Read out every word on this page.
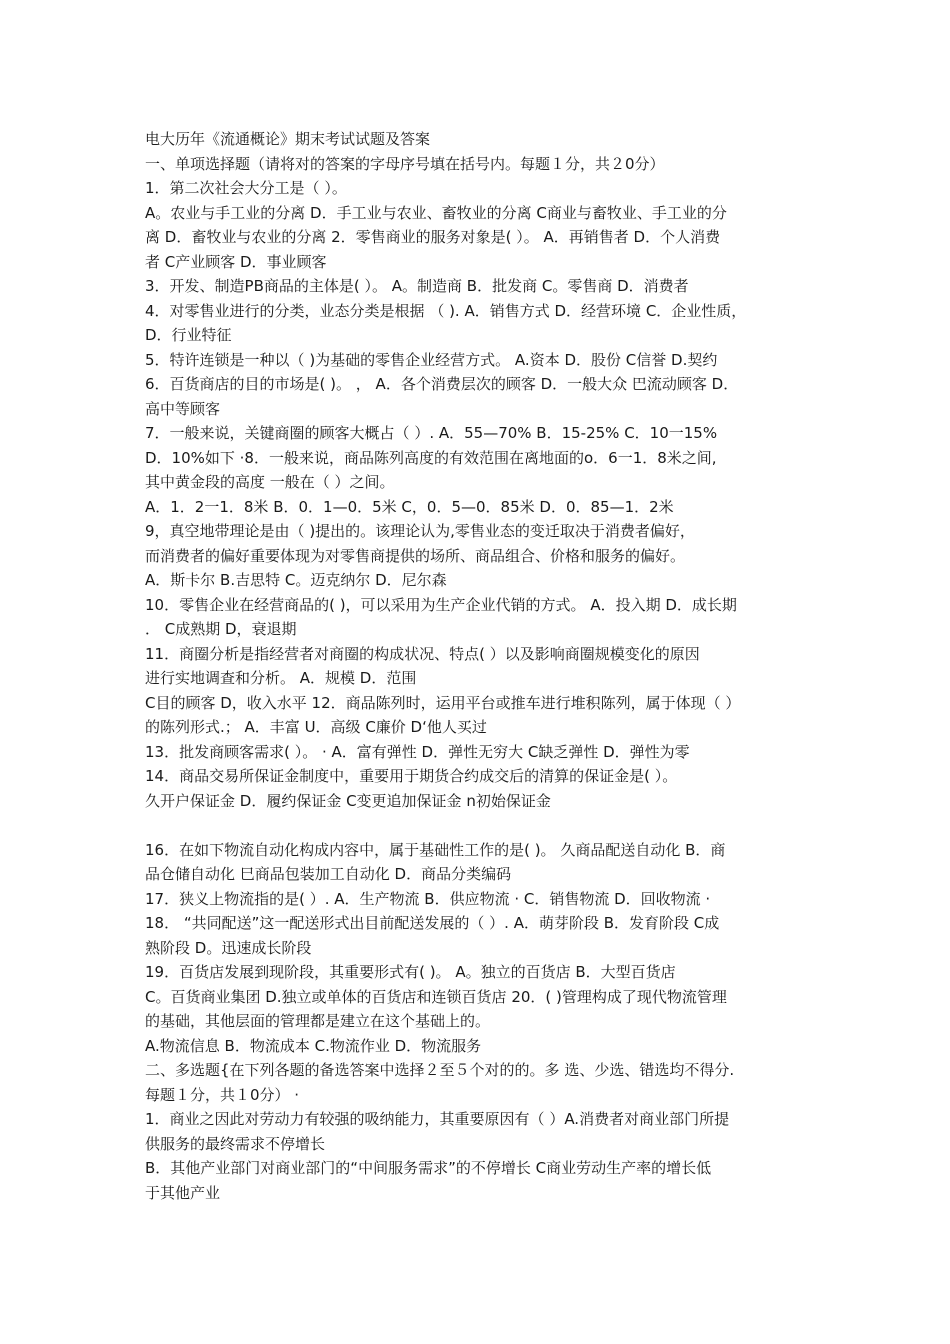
电大历年《流通概论》期末考试试题及答案
一、单项选择题（请将对的答案的字母序号填在括号内。每题１分，共２0分）
1．第二次社会大分工是（ ）。
A。农业与手工业的分离 D．手工业与农业、畜牧业的分离 C商业与畜牧业、手工业的分
离 D．畜牧业与农业的分离 2．零售商业的服务对象是( ）。 A．再销售者 D．个人消费
者 C产业顾客 D．事业顾客
3．开发、制造PB商品的主体是( ）。 A。制造商 B．批发商 C。零售商 D．消费者
4．对零售业进行的分类，业态分类是根据 （ ). A．销售方式 D．经营环境 C．企业性质，
D．行业特征
5．特许连锁是一种以（ )为基础的零售企业经营方式。 A.资本 D．股份 C信誉 D.契约
6．百货商店的目的市场是( )。 ， A．各个消费层次的顾客 D．一般大众 巴流动顾客 D．
高中等顾客
7．一般来说，关键商圈的顾客大概占（ ）. A．55—70% B．15-25% C．10一15%
D．10%如下 ·8．一般来说，商品陈列高度的有效范围在离地面的o．6一1．8米之间,
其中黄金段的高度 一般在（ ）之间。
A．1．2一1．8米 B．0．1—0．5米 C，0．5—0．85米 D．0．85—1．2米
9，真空地带理论是由（ )提出的。该理论认为,零售业态的变迁取决于消费者偏好，
而消费者的偏好重要体现为对零售商提供的场所、商品组合、价格和服务的偏好。
A．斯卡尔 B.吉思特 C。迈克纳尔 D．尼尔森
10．零售企业在经营商品的( )，可以采用为生产企业代销的方式。 A．投入期 D．成长期
． C成熟期 D，衰退期
11．商圈分析是指经营者对商圈的构成状况、特点( ）以及影响商圈规模变化的原因
进行实地调查和分析。 A．规模 D．范围
C目的顾客 D，收入水平 12．商品陈列时，运用平台或推车进行堆积陈列，属于体现（ ）
的陈列形式.； A．丰富 U．高级 C廉价 D‘他人买过
13．批发商顾客需求( ）。 · A．富有弹性 D．弹性无穷大 C缺乏弹性 D．弹性为零
14．商品交易所保证金制度中，重要用于期货合约成交后的清算的保证金是( ）。
久开户保证金 D．履约保证金 C变更追加保证金 n初始保证金
16．在如下物流自动化构成内容中，属于基础性工作的是( )。 久商品配送自动化 B．商
品仓储自动化 巳商品包装加工自动化 D．商品分类编码
17．狭义上物流指的是( ）. A．生产物流 B．供应物流 · C．销售物流 D．回收物流 ·
18． “共同配送”这一配送形式出目前配送发展的（ ）. A．萌芽阶段 B．发育阶段 C成
熟阶段 D。迅速成长阶段
19．百货店发展到现阶段，其重要形式有( )。 A。独立的百货店 B．大型百货店
C。百货商业集团 D.独立或单体的百货店和连锁百货店 20．( )管理构成了现代物流管理
的基础，其他层面的管理都是建立在这个基础上的。
A.物流信息 B．物流成本 C.物流作业 D．物流服务
二、多选题{在下列各题的备选答案中选择２至５个对的的。多 选、少选、错选均不得分.
每题１分，共１0分） ·
1．商业之因此对劳动力有较强的吸纳能力，其重要原因有（ ）A.消费者对商业部门所提
供服务的最终需求不停增长
B．其他产业部门对商业部门的“中间服务需求”的不停增长 C商业劳动生产率的增长低
于其他产业
